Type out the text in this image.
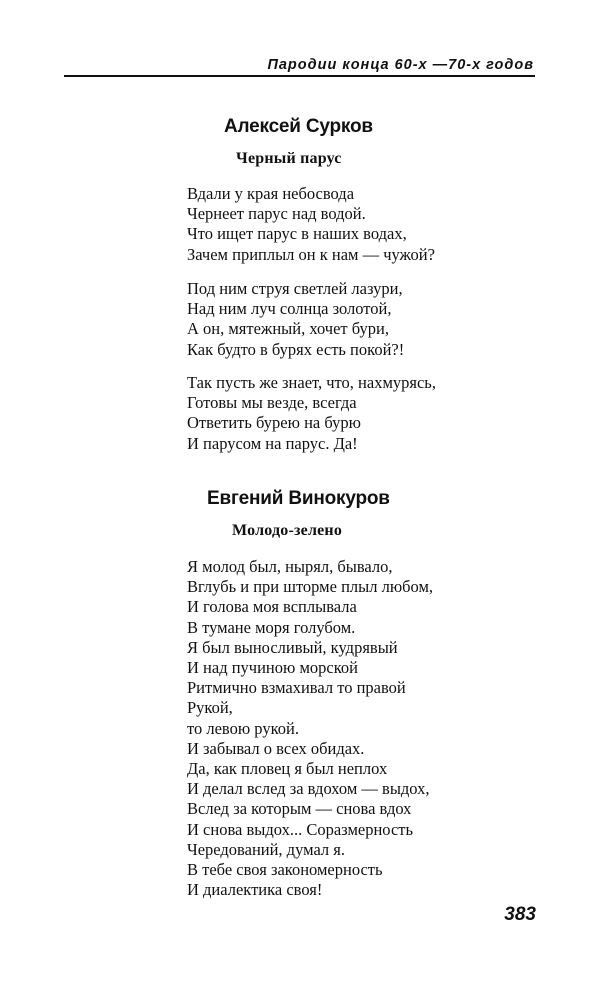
Пародии конца 60-х —70-х годов
Алексей Сурков
Черный парус
Вдали у края небосвода
Чернеет парус над водой.
Что ищет парус в наших водах,
Зачем приплыл он к нам — чужой?
Под ним струя светлей лазури,
Над ним луч солнца золотой,
А он, мятежный, хочет бури,
Как будто в бурях есть покой?!
Так пусть же знает, что, нахмурясь,
Готовы мы везде, всегда
Ответить бурею на бурю
И парусом на парус. Да!
Евгений Винокуров
Молодо-зелено
Я молод был, нырял, бывало,
Вглубь и при шторме плыл любом,
И голова моя всплывала
В тумане моря голубом.
Я был выносливый, кудрявый
И над пучиною морской
Ритмично взмахивал то правой
Рукой,
то левою рукой.
И забывал о всех обидах.
Да, как пловец я был неплох
И делал вслед за вдохом — выдох,
Вслед за которым — снова вдох
И снова выдох... Соразмерность
Чередований, думал я.
В тебе своя закономерность
И диалектика своя!
383
